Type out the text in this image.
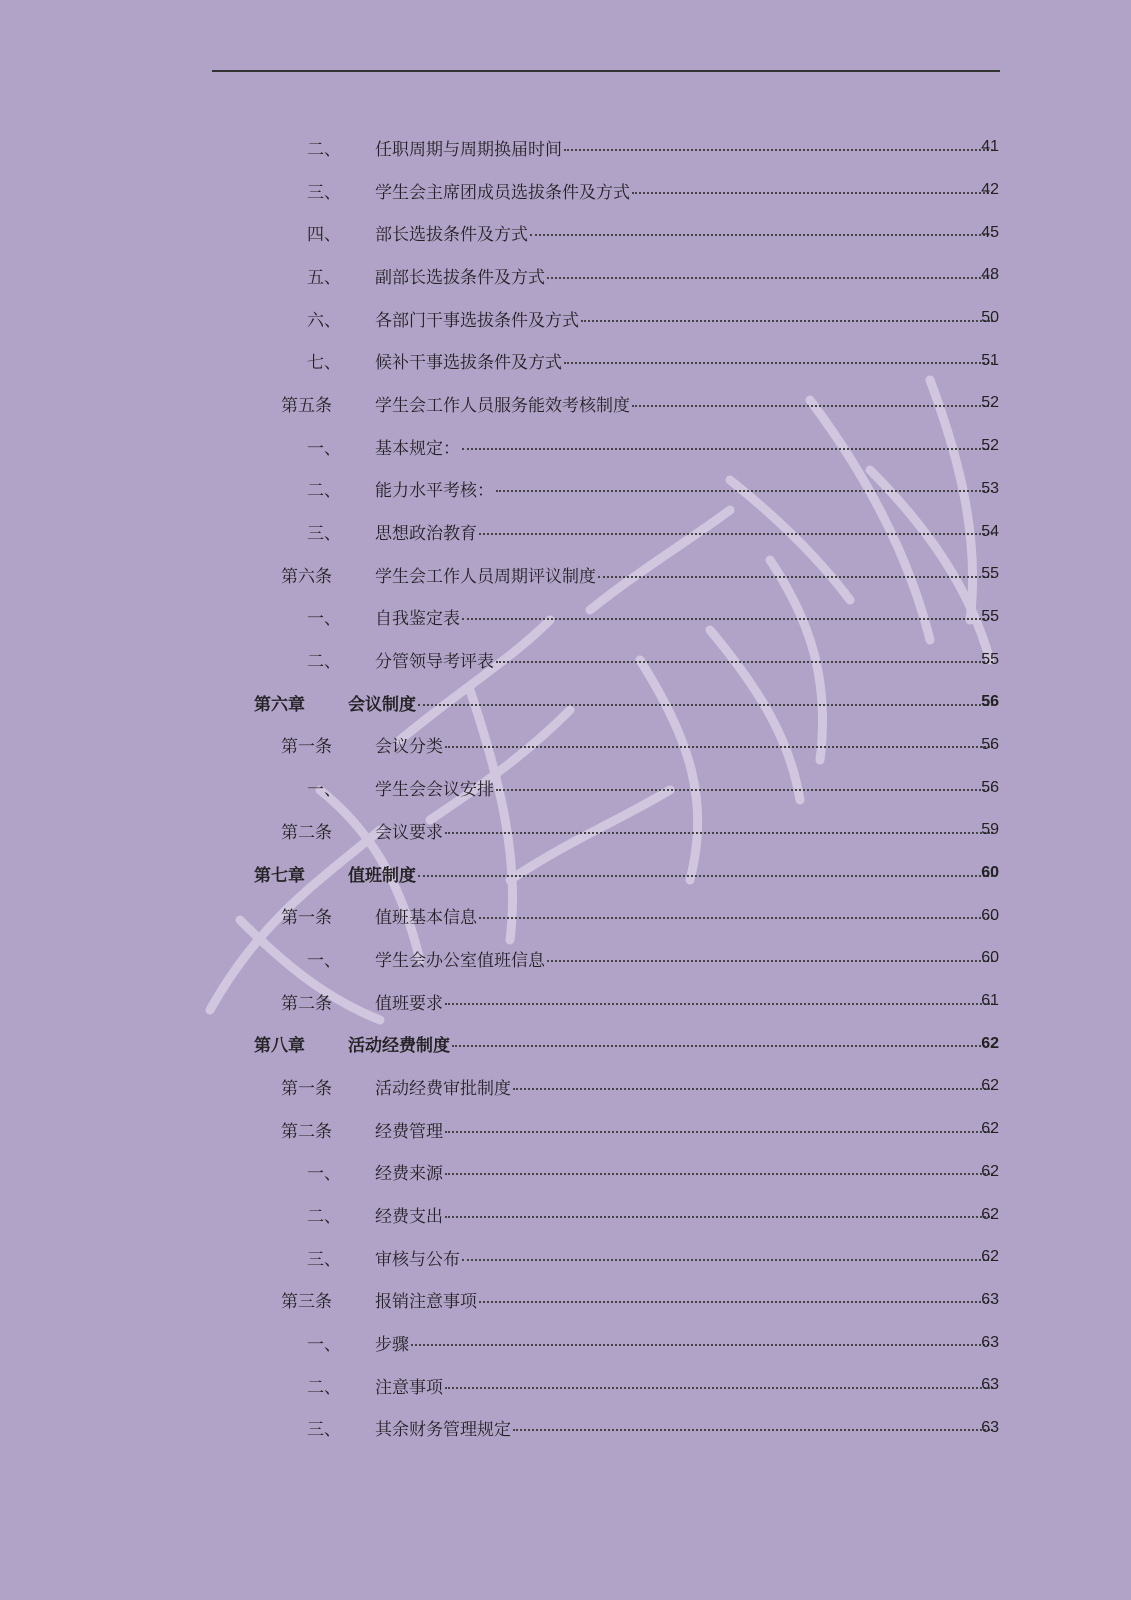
二、 任职周期与周期换届时间	41
三、 学生会主席团成员选拔条件及方式	42
四、 部长选拔条件及方式	45
五、 副部长选拔条件及方式	48
六、 各部门干事选拔条件及方式	50
七、 候补干事选拔条件及方式	51
第五条	学生会工作人员服务能效考核制度	52
一、 基本规定：	52
二、 能力水平考核：	53
三、 思想政治教育	54
第六条	学生会工作人员周期评议制度	55
一、 自我鉴定表	55
二、 分管领导考评表	55
第六章	会议制度	56
第一条	会议分类	56
一、 学生会会议安排	56
第二条	会议要求	59
第七章	值班制度	60
第一条	值班基本信息	60
一、 学生会办公室值班信息	60
第二条	值班要求	61
第八章	活动经费制度	62
第一条	活动经费审批制度	62
第二条	经费管理	62
一、 经费来源	62
二、 经费支出	62
三、 审核与公布	62
第三条	报销注意事项	63
一、 步骤	63
二、 注意事项	63
三、 其余财务管理规定	63
